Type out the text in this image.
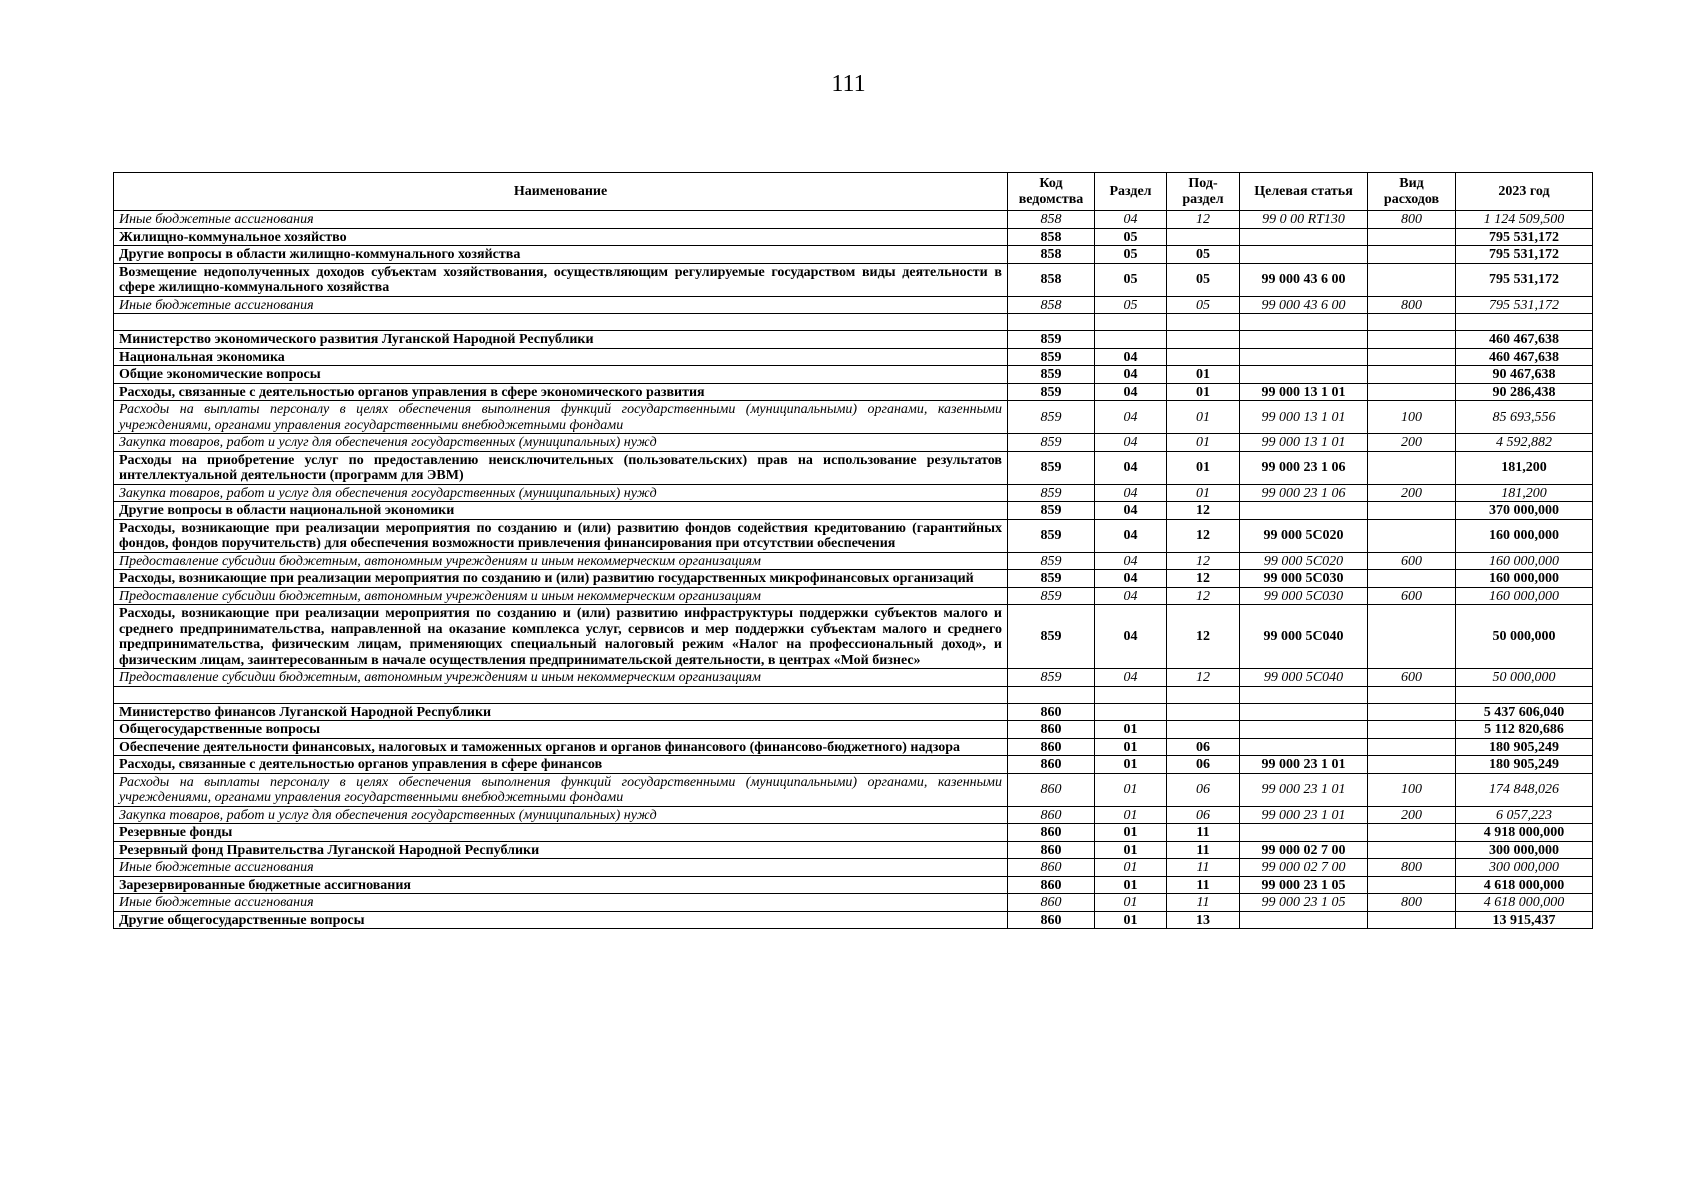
111
Наименование	Код ведомства	Раздел	Под-раздел	Целевая статья	Вид расходов	2023 год
Иные бюджетные ассигнования	858	04	12	99 0 00 RT130	800	1 124 509,500
Жилищно-коммунальное хозяйство	858	05				795 531,172
Другие вопросы в области жилищно-коммунального хозяйства	858	05	05			795 531,172
Возмещение недополученных доходов субъектам хозяйствования, осуществляющим регулируемые государством виды деятельности в сфере жилищно-коммунального хозяйства	858	05	05	99 000 43 6 00		795 531,172
Иные бюджетные ассигнования	858	05	05	99 000 43 6 00	800	795 531,172

Министерство экономического развития Луганской Народной Республики	859					460 467,638
Национальная экономика	859	04				460 467,638
Общие экономические вопросы	859	04	01			90 467,638
Расходы, связанные с деятельностью органов управления в сфере экономического развития	859	04	01	99 000 13 1 01		90 286,438
Расходы на выплаты персоналу в целях обеспечения выполнения функций государственными (муниципальными) органами, казенными учреждениями, органами управления государственными внебюджетными фондами	859	04	01	99 000 13 1 01	100	85 693,556
Закупка товаров, работ и услуг для обеспечения государственных (муниципальных) нужд	859	04	01	99 000 13 1 01	200	4 592,882
Расходы на приобретение услуг по предоставлению неисключительных (пользовательских) прав на использование результатов интеллектуальной деятельности (программ для ЭВМ)	859	04	01	99 000 23 1 06		181,200
Закупка товаров, работ и услуг для обеспечения государственных (муниципальных) нужд	859	04	01	99 000 23 1 06	200	181,200
Другие вопросы в области национальной экономики	859	04	12			370 000,000
Расходы, возникающие при реализации мероприятия по созданию и (или) развитию фондов содействия кредитованию (гарантийных фондов, фондов поручительств) для обеспечения возможности привлечения финансирования при отсутствии обеспечения	859	04	12	99 000 5С020		160 000,000
Предоставление субсидии бюджетным, автономным учреждениям и иным некоммерческим организациям	859	04	12	99 000 5С020	600	160 000,000
Расходы, возникающие при реализации мероприятия по созданию и (или) развитию государственных микрофинансовых организаций	859	04	12	99 000 5С030		160 000,000
Предоставление субсидии бюджетным, автономным учреждениям и иным некоммерческим организациям	859	04	12	99 000 5С030	600	160 000,000
Расходы, возникающие при реализации мероприятия по созданию и (или) развитию инфраструктуры поддержки субъектов малого и среднего предпринимательства, направленной на оказание комплекса услуг, сервисов и мер поддержки субъектам малого и среднего предпринимательства, физическим лицам, применяющих специальный налоговый режим «Налог на профессиональный доход», и физическим лицам, заинтересованным в начале осуществления предпринимательской деятельности, в центрах «Мой бизнес»	859	04	12	99 000 5С040		50 000,000
Предоставление субсидии бюджетным, автономным учреждениям и иным некоммерческим организациям	859	04	12	99 000 5С040	600	50 000,000

Министерство финансов Луганской Народной Республики	860					5 437 606,040
Общегосударственные вопросы	860	01				5 112 820,686
Обеспечение деятельности финансовых, налоговых и таможенных органов и органов финансового (финансово-бюджетного) надзора	860	01	06			180 905,249
Расходы, связанные с деятельностью органов управления в сфере финансов	860	01	06	99 000 23 1 01		180 905,249
Расходы на выплаты персоналу в целях обеспечения выполнения функций государственными (муниципальными) органами, казенными учреждениями, органами управления государственными внебюджетными фондами	860	01	06	99 000 23 1 01	100	174 848,026
Закупка товаров, работ и услуг для обеспечения государственных (муниципальных) нужд	860	01	06	99 000 23 1 01	200	6 057,223
Резервные фонды	860	01	11			4 918 000,000
Резервный фонд Правительства Луганской Народной Республики	860	01	11	99 000 02 7 00		300 000,000
Иные бюджетные ассигнования	860	01	11	99 000 02 7 00	800	300 000,000
Зарезервированные бюджетные ассигнования	860	01	11	99 000 23 1 05		4 618 000,000
Иные бюджетные ассигнования	860	01	11	99 000 23 1 05	800	4 618 000,000
Другие общегосударственные вопросы	860	01	13			13 915,437
